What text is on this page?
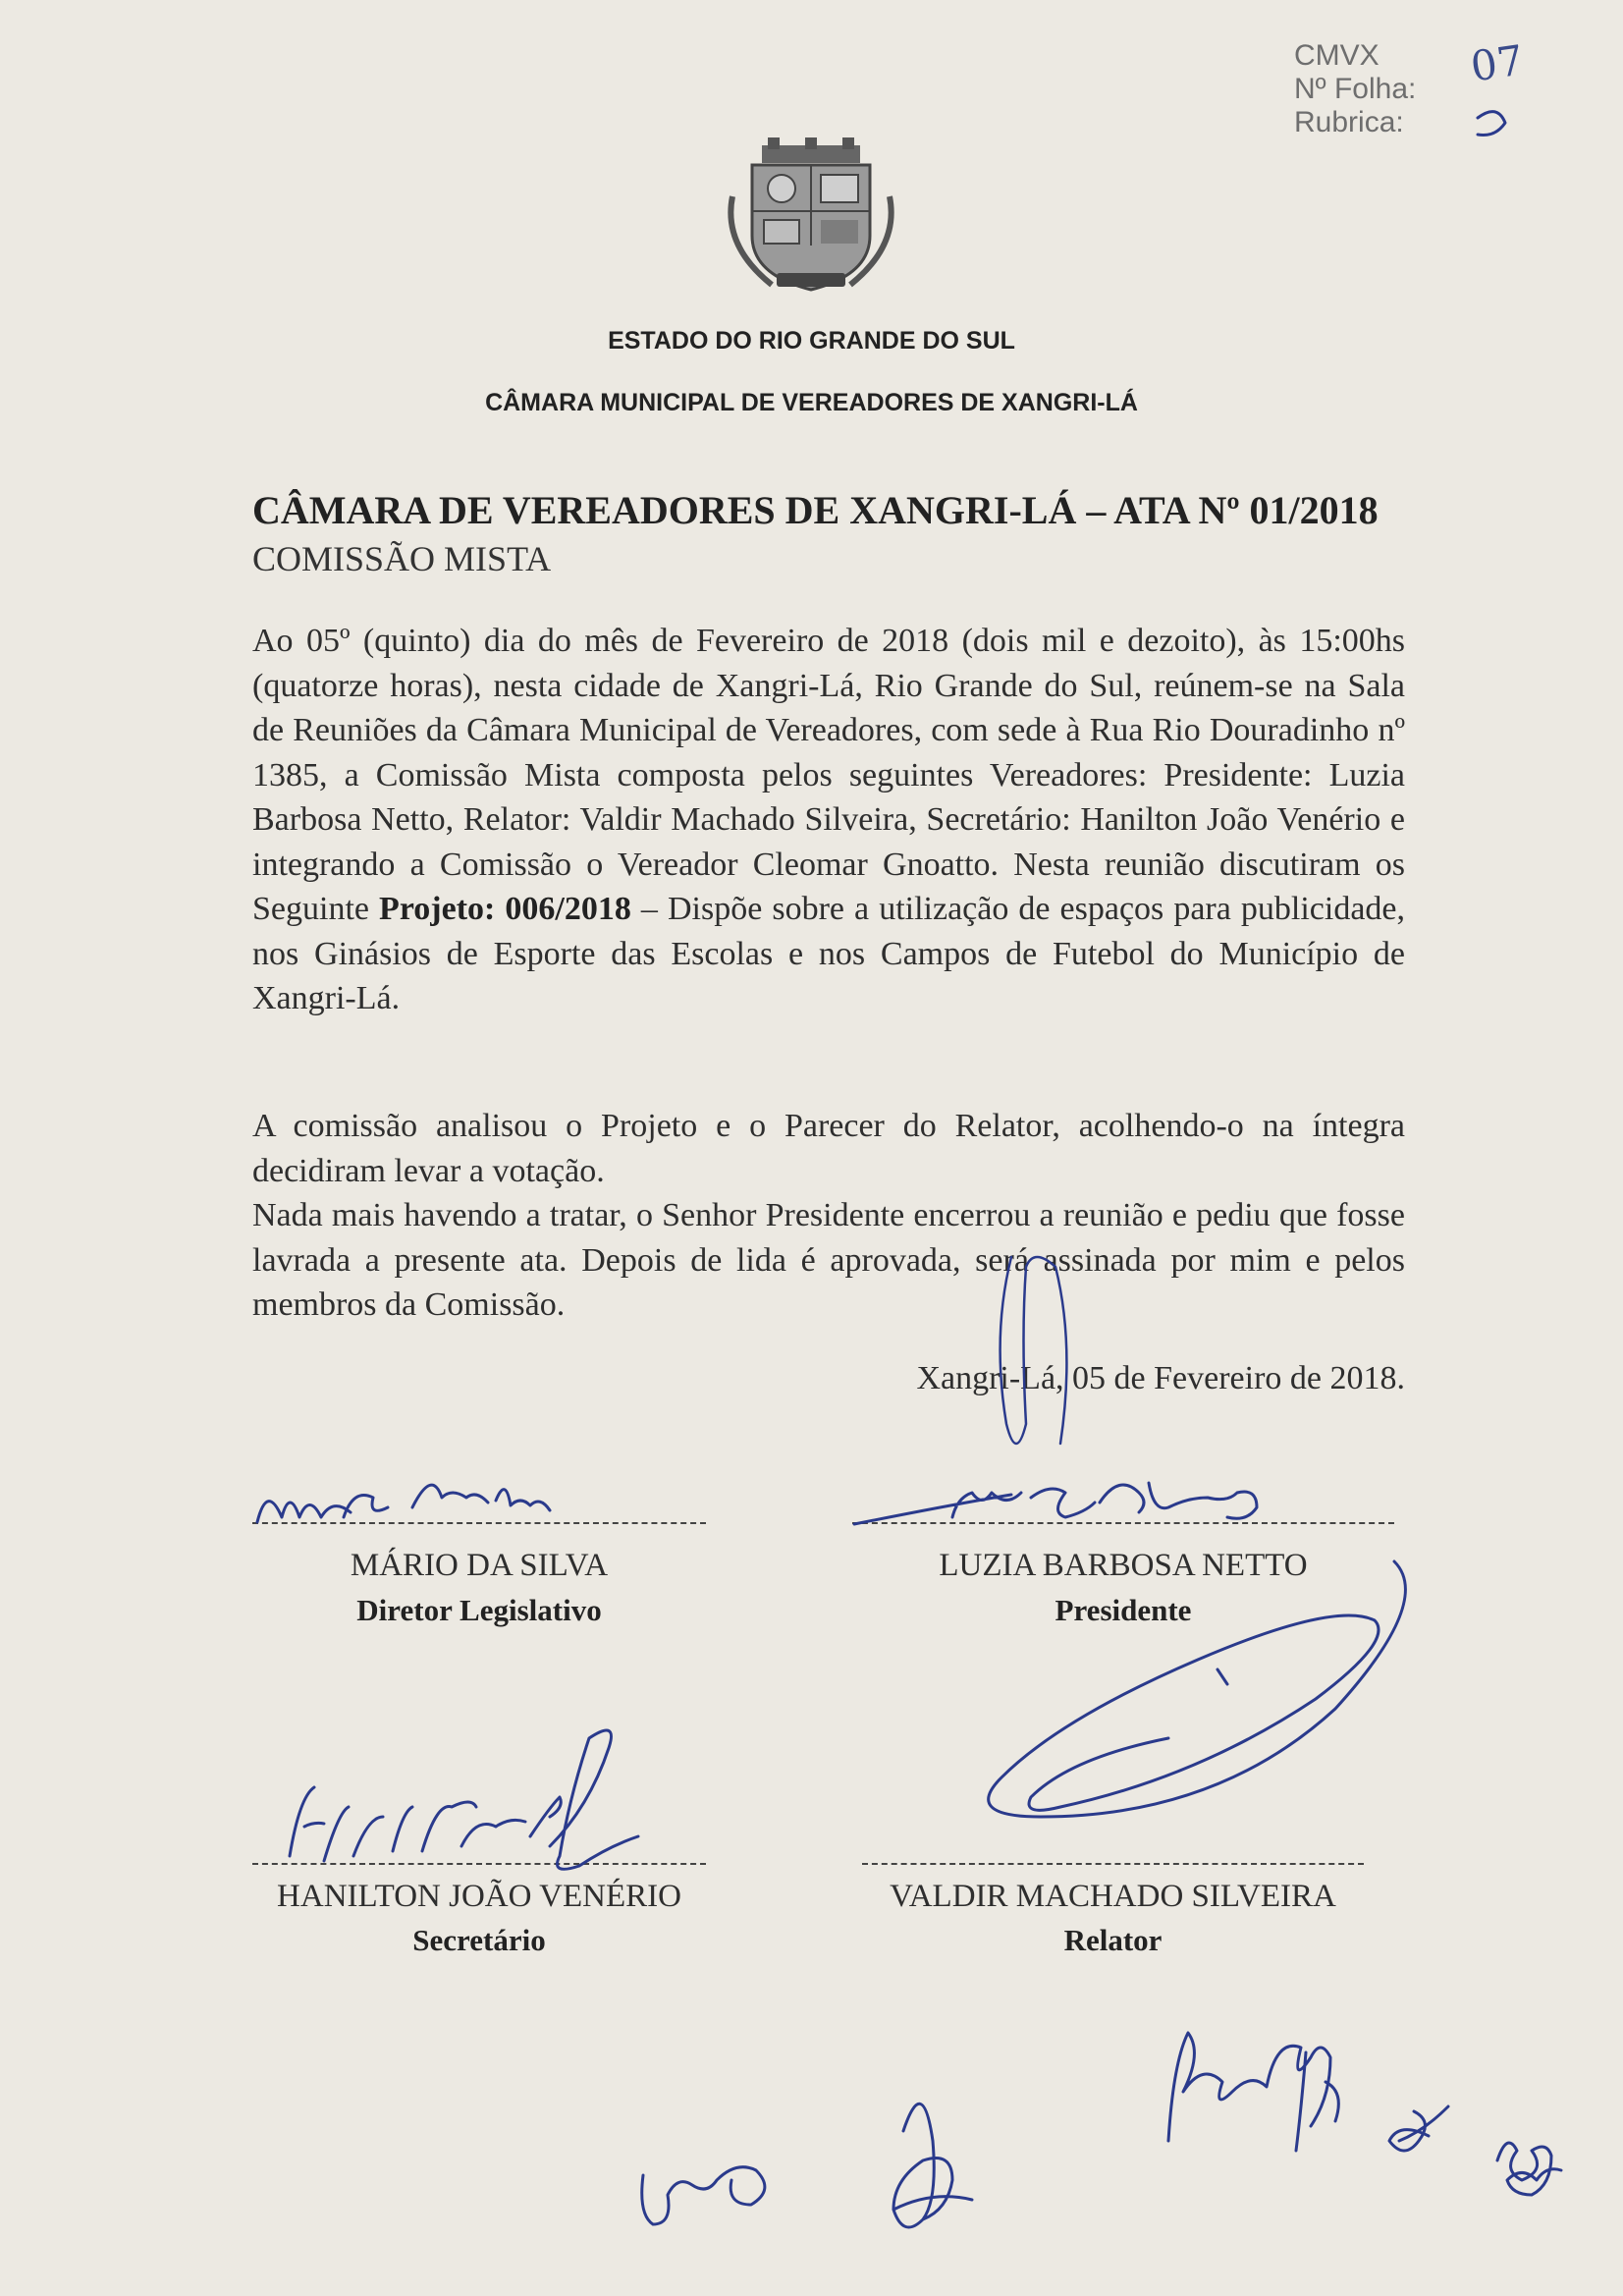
CMVX
Nº Folha:
Rubrica:
07
ESTADO DO RIO GRANDE DO SUL
CÂMARA MUNICIPAL DE VEREADORES DE XANGRI-LÁ
CÂMARA DE VEREADORES DE XANGRI-LÁ – ATA Nº 01/2018
COMISSÃO MISTA
Ao 05º (quinto) dia do mês de Fevereiro de 2018 (dois mil e dezoito), às 15:00hs (quatorze horas), nesta cidade de Xangri-Lá, Rio Grande do Sul, reúnem-se na Sala de Reuniões da Câmara Municipal de Vereadores, com sede à Rua Rio Douradinho nº 1385, a Comissão Mista composta pelos seguintes Vereadores: Presidente: Luzia Barbosa Netto, Relator: Valdir Machado Silveira, Secretário: Hanilton João Venério e integrando a Comissão o Vereador Cleomar Gnoatto. Nesta reunião discutiram os Seguinte Projeto: 006/2018 – Dispõe sobre a utilização de espaços para publicidade, nos Ginásios de Esporte das Escolas e nos Campos de Futebol do Município de Xangri-Lá.
A comissão analisou o Projeto e o Parecer do Relator, acolhendo-o na íntegra decidiram levar a votação.
Nada mais havendo a tratar, o Senhor Presidente encerrou a reunião e pediu que fosse lavrada a presente ata. Depois de lida é aprovada, será assinada por mim e pelos membros da Comissão.
Xangri-Lá, 05 de Fevereiro de 2018.
MÁRIO DA SILVA
Diretor Legislativo
LUZIA BARBOSA NETTO
Presidente
HANILTON JOÃO VENÉRIO
Secretário
VALDIR MACHADO SILVEIRA
Relator
